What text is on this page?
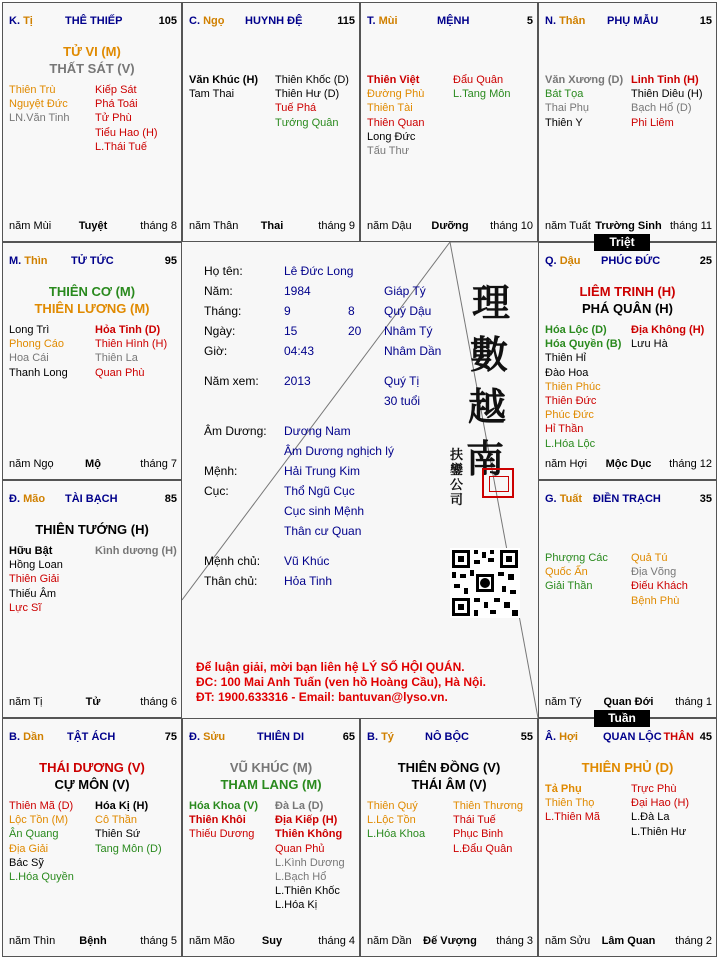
K. Tị	THÊ THIẾP	105
TỬ VI (M)
THẤT SÁT (V)
Thiên Trù
Nguyệt Đức
LN.Văn Tinh
Kiếp Sát
Phá Toái
Tử Phù
Tiểu Hao (H)
L.Thái Tuế
năm Mùi	Tuyệt	tháng 8
C. Ngọ HUYNH ĐỆ	115
Văn Khúc (H)
Tam Thai
Thiên Khốc (D)
Thiên Hư (D)
Tuế Phá
Tướng Quân
năm Thân	Thai	tháng 9
T. Mùi	MỆNH	5
Thiên Việt
Đường Phù
Thiên Tài
Thiên Quan
Long Đức
Tấu Thư
Đẩu Quân
L.Tang Môn
năm Dậu	Dưỡng	tháng 10
N. Thân PHỤ MẪU	15
Văn Xương (D)
Bát Tọa
Thai Phụ
Thiên Y
Linh Tinh (H)
Thiên Diêu (H)
Bạch Hổ (D)
Phi Liêm
năm Tuất Trường Sinh tháng 11
M. Thìn TỬ TỨC	95
THIÊN CƠ (M)
THIÊN LƯƠNG (M)
Long Trì
Phong Cáo
Hoa Cái
Thanh Long
Hỏa Tinh (D)
Thiên Hình (H)
Thiên La
Quan Phù
năm Ngọ	Mộ	tháng 7
Q. Dậu PHÚC ĐỨC	25
LIÊM TRINH (H)
PHÁ QUÂN (H)
Hóa Lộc (D)
Hóa Quyền (B)
Thiên Hỉ
Đào Hoa
Thiên Phúc
Thiên Đức
Phúc Đức
Hỉ Thần
L.Hóa Lộc
Địa Không (H)
Lưu Hà
năm Hợi	Mộc Dục	tháng 12
Đ. Mão TÀI BẠCH	85
THIÊN TƯỚNG (H)
Hữu Bật
Hồng Loan
Thiên Giải
Thiếu Âm
Lực Sĩ
Kình dương (H)
năm Tị	Tử	tháng 6
G. Tuất ĐIỀN TRẠCH	35
Phượng Các
Quốc Ấn
Giải Thần
Quả Tú
Địa Võng
Điếu Khách
Bệnh Phù
năm Tý	Quan Đới	tháng 1
B. Dần TẬT ÁCH	75
THÁI DƯƠNG (V)
CỰ MÔN (V)
Thiên Mã (D)
Lộc Tồn (M)
Ân Quang
Địa Giải
Bác Sỹ
L.Hóa Quyền
Hóa Kị (H)
Cô Thần
Thiên Sứ
Tang Môn (D)
năm Thìn	Bệnh	tháng 5
Đ. Sửu	THIÊN DI	65
VŨ KHÚC (M)
THAM LANG (M)
Hóa Khoa (V)
Thiên Khôi
Thiếu Dương
Đà La (D)
Địa Kiếp (H)
Thiên Không
Quan Phủ
L.Kình Dương
L.Bạch Hổ
L.Thiên Khốc
L.Hóa Kị
năm Mão	Suy	tháng 4
B. Tý	NÔ BỘC	55
THIÊN ĐỒNG (V)
THÁI ÂM (V)
Thiên Quý
L.Lộc Tồn
L.Hóa Khoa
Thiên Thương
Thái Tuế
Phục Binh
L.Đẩu Quân
năm Dần	Đế Vượng	tháng 3
Â. Hợi QUAN LỘC THÂN 45
THIÊN PHỦ (D)
Tả Phụ
Thiên Thọ
L.Thiên Mã
Trực Phù
Đại Hao (H)
L.Đà La
L.Thiên Hư
năm Sửu	Lâm Quan	tháng 2
Họ tên:	Lê Đức Long
Năm:	1984	Giáp Tý
Tháng:	9	8 Quý Dậu
Ngày:	15	20 Nhâm Tý
Giờ:	04:43	Nhâm Dần
Năm xem: 2013	Quý Tị
30 tuổi
Âm Dương: Dương Nam
Âm Dương nghịch lý
Mệnh:	Hải Trung Kim
Cục:	Thổ Ngũ Cục
Cục sinh Mệnh
Thân cư Quan
Mệnh chủ: Vũ Khúc
Thân chủ: Hỏa Tinh
理
數
越
南
扶鑾公司
Để luận giải, mời bạn liên hệ LÝ SỐ HỘI QUÁN.
ĐC: 100 Mai Anh Tuấn (ven hồ Hoàng Cầu), Hà Nội.
ĐT: 1900.633316 - Email: bantuvan@lyso.vn.
Triệt
Tuần
